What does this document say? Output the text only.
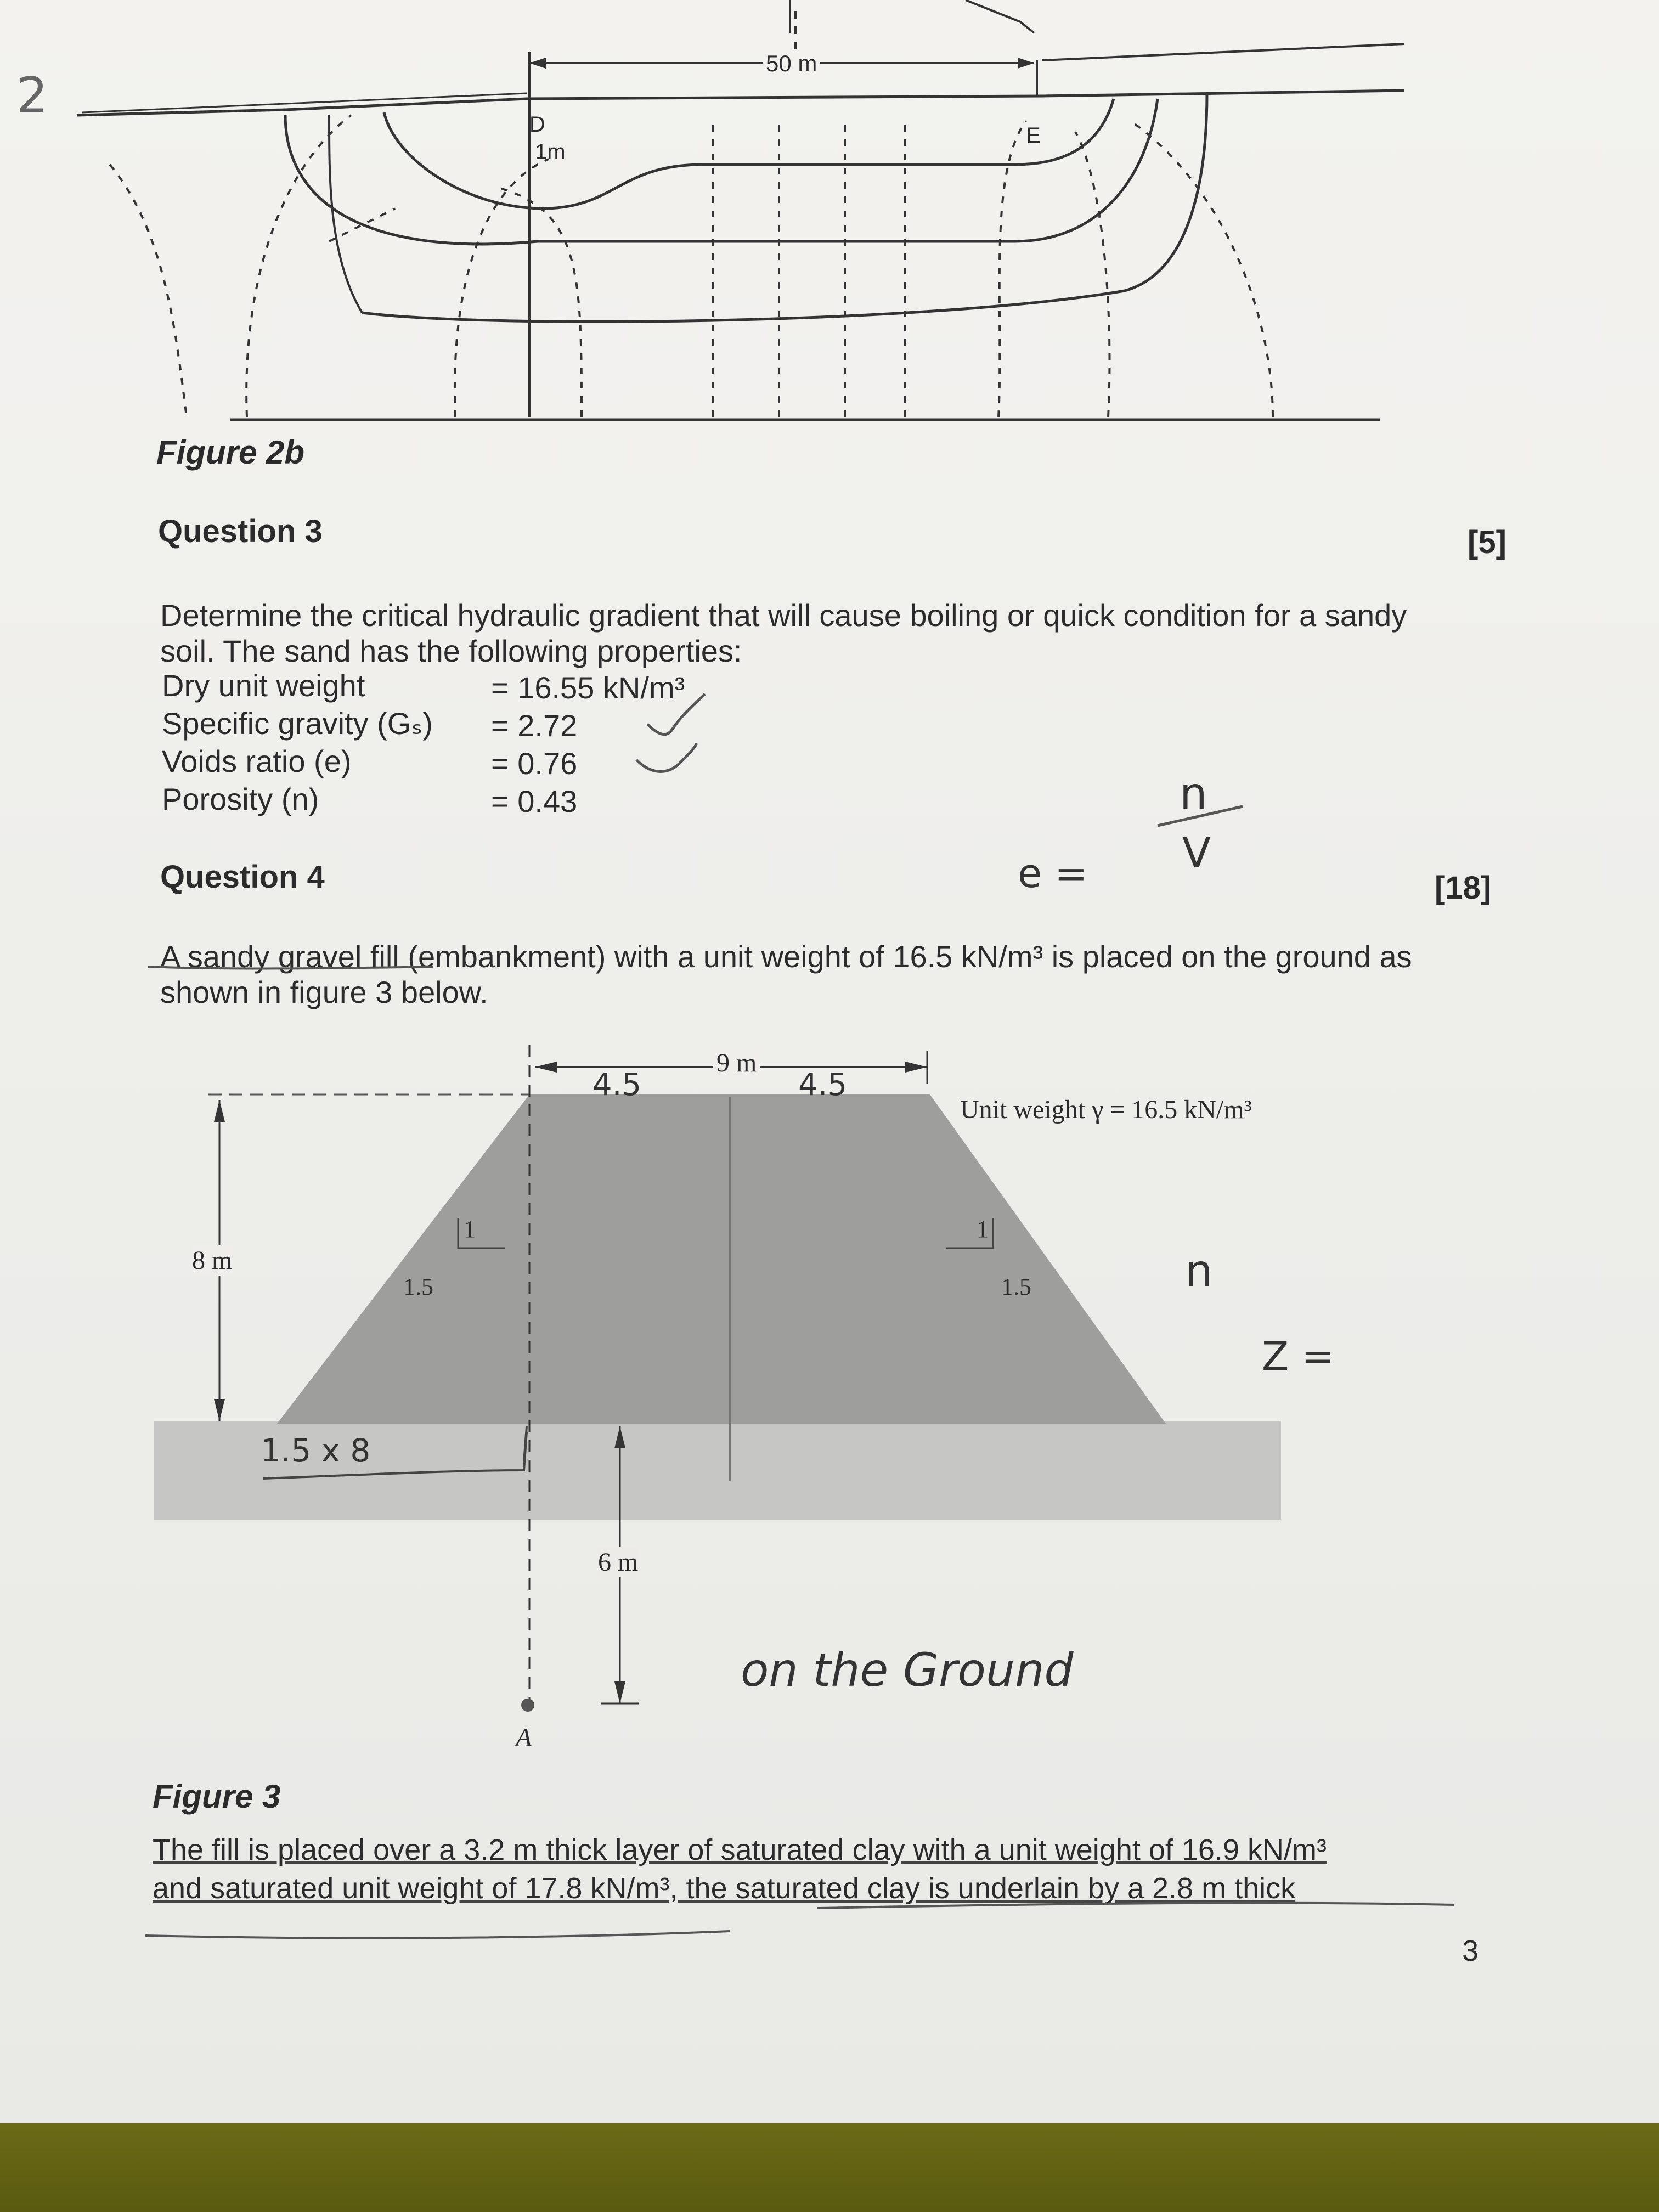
2
50 m
D	E
1m
Figure 2b
Question 3	[5]
Determine the critical hydraulic gradient that will cause boiling or quick condition for a sandy
soil. The sand has the following properties:
Dry unit weight	= 16.55 kN/m³
Specific gravity (Gₛ) = 2.72
Voids ratio (e)	= 0.76
Porosity (n)	= 0.43	n
V
e =
Question 4	[18]
A sandy gravel fill (embankment) with a unit weight of 16.5 kN/m³ is placed on the ground as
shown in figure 3 below.
9 m
Unit weight γ = 16.5 kN/m³
8 m
1
1.5
1
1.5
6 m
A
4.5	4.5
1.5 x 8
n
Z =
on the Ground
Figure 3
The fill is placed over a 3.2 m thick layer of saturated clay with a unit weight of 16.9 kN/m³
and saturated unit weight of 17.8 kN/m³, the saturated clay is underlain by a 2.8 m thick
3
